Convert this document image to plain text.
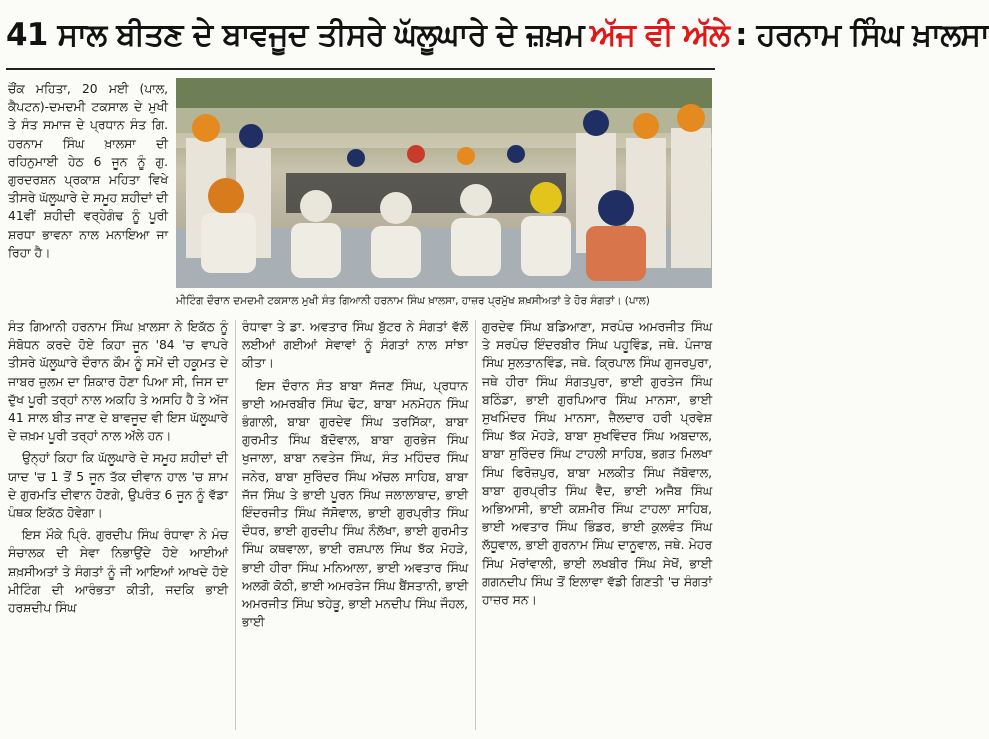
41 ਸਾਲ ਬੀਤਣ ਦੇ ਬਾਵਜੂਦ ਤੀਸਰੇ ਘੱਲੂਘਾਰੇ ਦੇ ਜ਼ਖ਼ਮ ਅੱਜ ਵੀ ਅੱਲੇ : ਹਰਨਾਮ ਸਿੰਘ ਖ਼ਾਲਸਾ

ਚੌਂਕ ਮਹਿਤਾ, 20 ਮਈ (ਪਾਲ, ਕੈਪਟਨ)-ਦਮਦਮੀ ਟਕਸਾਲ ਦੇ ਮੁਖੀ ਤੇ ਸੰਤ ਸਮਾਜ ਦੇ ਪ੍ਰਧਾਨ ਸੰਤ ਗਿ. ਹਰਨਾਮ ਸਿੰਘ ਖ਼ਾਲਸਾ ਦੀ ਰਹਿਨੁਮਾਈ ਹੇਠ 6 ਜੂਨ ਨੂੰ ਗੁ. ਗੁਰਦਰਸ਼ਨ ਪ੍ਰਕਾਸ਼ ਮਹਿਤਾ ਵਿਖੇ ਤੀਸਰੇ ਘੱਲੂਘਾਰੇ ਦੇ ਸਮੂਹ ਸ਼ਹੀਦਾਂ ਦੀ 41ਵੀਂ ਸ਼ਹੀਦੀ ਵਰ੍ਹੇਗੰਢ ਨੂੰ ਪੂਰੀ ਸ਼ਰਧਾ ਭਾਵਨਾ ਨਾਲ ਮਨਾਇਆ ਜਾ ਰਿਹਾ ਹੈ।

ਮੀਟਿੰਗ ਦੌਰਾਨ ਦਮਦਮੀ ਟਕਸਾਲ ਮੁਖੀ ਸੰਤ ਗਿਆਨੀ ਹਰਨਾਮ ਸਿੰਘ ਖ਼ਾਲਸਾ, ਹਾਜ਼ਰ ਪ੍ਰਮੁੱਖ ਸ਼ਖ਼ਸੀਅਤਾਂ ਤੇ ਹੋਰ ਸੰਗਤਾਂ। (ਪਾਲ)

ਸੰਤ ਗਿਆਨੀ ਹਰਨਾਮ ਸਿੰਘ ਖ਼ਾਲਸਾ ਨੇ ਇਕੱਠ ਨੂੰ ਸੰਬੋਧਨ ਕਰਦੇ ਹੋਏ ਕਿਹਾ ਜੂਨ '84 'ਚ ਵਾਪਰੇ ਤੀਸਰੇ ਘੱਲੂਘਾਰੇ ਦੌਰਾਨ ਕੌਮ ਨੂੰ ਸਮੇਂ ਦੀ ਹਕੂਮਤ ਦੇ ਜਾਬਰ ਜ਼ੁਲਮ ਦਾ ਸ਼ਿਕਾਰ ਹੋਣਾ ਪਿਆ ਸੀ, ਜਿਸ ਦਾ ਦੁੱਖ ਪੂਰੀ ਤਰ੍ਹਾਂ ਨਾਲ ਅਕਹਿ ਤੇ ਅਸਹਿ ਹੈ ਤੇ ਅੱਜ 41 ਸਾਲ ਬੀਤ ਜਾਣ ਦੇ ਬਾਵਜੂਦ ਵੀ ਇਸ ਘੱਲੂਘਾਰੇ ਦੇ ਜ਼ਖ਼ਮ ਪੂਰੀ ਤਰ੍ਹਾਂ ਨਾਲ ਅੱਲੇ ਹਨ।

ਉਨ੍ਹਾਂ ਕਿਹਾ ਕਿ ਘੱਲੂਘਾਰੇ ਦੇ ਸਮੂਹ ਸ਼ਹੀਦਾਂ ਦੀ ਯਾਦ 'ਚ 1 ਤੋਂ 5 ਜੂਨ ਤੱਕ ਦੀਵਾਨ ਹਾਲ 'ਚ ਸ਼ਾਮ ਦੇ ਗੁਰਮਤਿ ਦੀਵਾਨ ਹੋਣਗੇ, ਉਪਰੰਤ 6 ਜੂਨ ਨੂੰ ਵੱਡਾ ਪੰਥਕ ਇਕੱਠ ਹੋਵੇਗਾ।

ਇਸ ਮੌਕੇ ਪ੍ਰਿੰ. ਗੁਰਦੀਪ ਸਿੰਘ ਰੰਧਾਵਾ ਨੇ ਮੰਚ ਸੰਚਾਲਕ ਦੀ ਸੇਵਾ ਨਿਭਾਉਂਦੇ ਹੋਏ ਆਈਆਂ ਸ਼ਖ਼ਸੀਅਤਾਂ ਤੇ ਸੰਗਤਾਂ ਨੂੰ ਜੀ ਆਇਆਂ ਆਖਦੇ ਹੋਏ ਮੀਟਿੰਗ ਦੀ ਆਰੰਭਤਾ ਕੀਤੀ, ਜਦਕਿ ਭਾਈ ਹਰਸ਼ਦੀਪ ਸਿੰਘ

ਰੰਧਾਵਾ ਤੇ ਡਾ. ਅਵਤਾਰ ਸਿੰਘ ਬੁੱਟਰ ਨੇ ਸੰਗਤਾਂ ਵੱਲੋਂ ਲਈਆਂ ਗਈਆਂ ਸੇਵਾਵਾਂ ਨੂੰ ਸੰਗਤਾਂ ਨਾਲ ਸਾਂਝਾ ਕੀਤਾ।

ਇਸ ਦੌਰਾਨ ਸੰਤ ਬਾਬਾ ਸੱਜਣ ਸਿੰਘ, ਪ੍ਰਧਾਨ ਭਾਈ ਅਮਰਬੀਰ ਸਿੰਘ ਢੋਟ, ਬਾਬਾ ਮਨਮੋਹਨ ਸਿੰਘ ਭੰਗਾਲੀ, ਬਾਬਾ ਗੁਰਦੇਵ ਸਿੰਘ ਤਰਸਿੱਕਾ, ਬਾਬਾ ਗੁਰਮੀਤ ਸਿੰਘ ਬੱਦੋਵਾਲ, ਬਾਬਾ ਗੁਰਭੇਜ ਸਿੰਘ ਖੁਜਾਲਾ, ਬਾਬਾ ਨਵਤੇਜ ਸਿੰਘ, ਸੰਤ ਮਹਿੰਦਰ ਸਿੰਘ ਜਨੇਰ, ਬਾਬਾ ਸੁਰਿੰਦਰ ਸਿੰਘ ਅੱਚਲ ਸਾਹਿਬ, ਬਾਬਾ ਜੱਜ ਸਿੰਘ ਤੇ ਭਾਈ ਪੂਰਨ ਸਿੰਘ ਜਲਾਲਾਬਾਦ, ਭਾਈ ਇੰਦਰਜੀਤ ਸਿੰਘ ਜੱਸੋਵਾਲ, ਭਾਈ ਗੁਰਪ੍ਰੀਤ ਸਿੰਘ ਦੌਧਰ, ਭਾਈ ਗੁਰਦੀਪ ਸਿੰਘ ਨੌਲੱਖਾ, ਭਾਈ ਗੁਰਮੀਤ ਸਿੰਘ ਕਥਵਾਲਾ, ਭਾਈ ਰਸ਼ਪਾਲ ਸਿੰਘ ਝੱਕ ਮੋਹੜੇ, ਭਾਈ ਹੀਰਾ ਸਿੰਘ ਮਨਿਆਲਾ, ਭਾਈ ਅਵਤਾਰ ਸਿੰਘ ਅਲਗੋ ਕੋਠੀ, ਭਾਈ ਅਮਰਤੇਜ ਸਿੰਘ ਬੈਂਸਤਾਨੀ, ਭਾਈ ਅਮਰਜੀਤ ਸਿੰਘ ਝਹੇੜੂ, ਭਾਈ ਮਨਦੀਪ ਸਿੰਘ ਜੌਹਲ, ਭਾਈ

ਗੁਰਦੇਵ ਸਿੰਘ ਬਡਿਆਣਾ, ਸਰਪੰਚ ਅਮਰਜੀਤ ਸਿੰਘ ਤੇ ਸਰਪੰਚ ਇੰਦਰਬੀਰ ਸਿੰਘ ਪਹੂਵਿੰਡ, ਜਥੇ. ਪੰਜਾਬ ਸਿੰਘ ਸੁਲਤਾਨਵਿੰਡ, ਜਥੇ. ਕ੍ਰਿਪਾਲ ਸਿੰਘ ਗੁਜਰਪੁਰਾ, ਜਥੇ ਹੀਰਾ ਸਿੰਘ ਸੰਗਤਪੁਰਾ, ਭਾਈ ਗੁਰਤੇਜ ਸਿੰਘ ਬਠਿੰਡਾ, ਭਾਈ ਗੁਰਪਿਆਰ ਸਿੰਘ ਮਾਨਸਾ, ਭਾਈ ਸੁਖਮਿੰਦਰ ਸਿੰਘ ਮਾਨਸਾ, ਜ਼ੈਲਦਾਰ ਹਰੀ ਪ੍ਰਵੇਸ਼ ਸਿੰਘ ਝੱਕ ਮੋਹੜੇ, ਬਾਬਾ ਸੁਖਵਿੰਦਰ ਸਿੰਘ ਅਬਦਾਲ, ਬਾਬਾ ਸੁਰਿੰਦਰ ਸਿੰਘ ਟਾਹਲੀ ਸਾਹਿਬ, ਭਗਤ ਮਿਲਖਾ ਸਿੰਘ ਫਿਰੋਜ਼ਪੁਰ, ਬਾਬਾ ਮਲਕੀਤ ਸਿੰਘ ਜੱਬੋਵਾਲ, ਬਾਬਾ ਗੁਰਪ੍ਰੀਤ ਸਿੰਘ ਵੈਦ, ਭਾਈ ਅਜੈਬ ਸਿੰਘ ਅਭਿਆਸੀ, ਭਾਈ ਕਸ਼ਮੀਰ ਸਿੰਘ ਟਾਹਲਾ ਸਾਹਿਬ, ਭਾਈ ਅਵਤਾਰ ਸਿੰਘ ਭਿੰਡਰ, ਭਾਈ ਕੁਲਵੰਤ ਸਿੰਘ ਲੱਧੂਵਾਲ, ਭਾਈ ਗੁਰਨਾਮ ਸਿੰਘ ਦਾਨੂਵਾਲ, ਜਥੇ. ਮੇਹਰ ਸਿੰਘ ਮੋਰਾਂਵਾਲੀ, ਭਾਈ ਲਖਬੀਰ ਸਿੰਘ ਸੇਖੋਂ, ਭਾਈ ਗਗਨਦੀਪ ਸਿੰਘ ਤੋਂ ਇਲਾਵਾ ਵੱਡੀ ਗਿਣਤੀ 'ਚ ਸੰਗਤਾਂ ਹਾਜ਼ਰ ਸਨ।
